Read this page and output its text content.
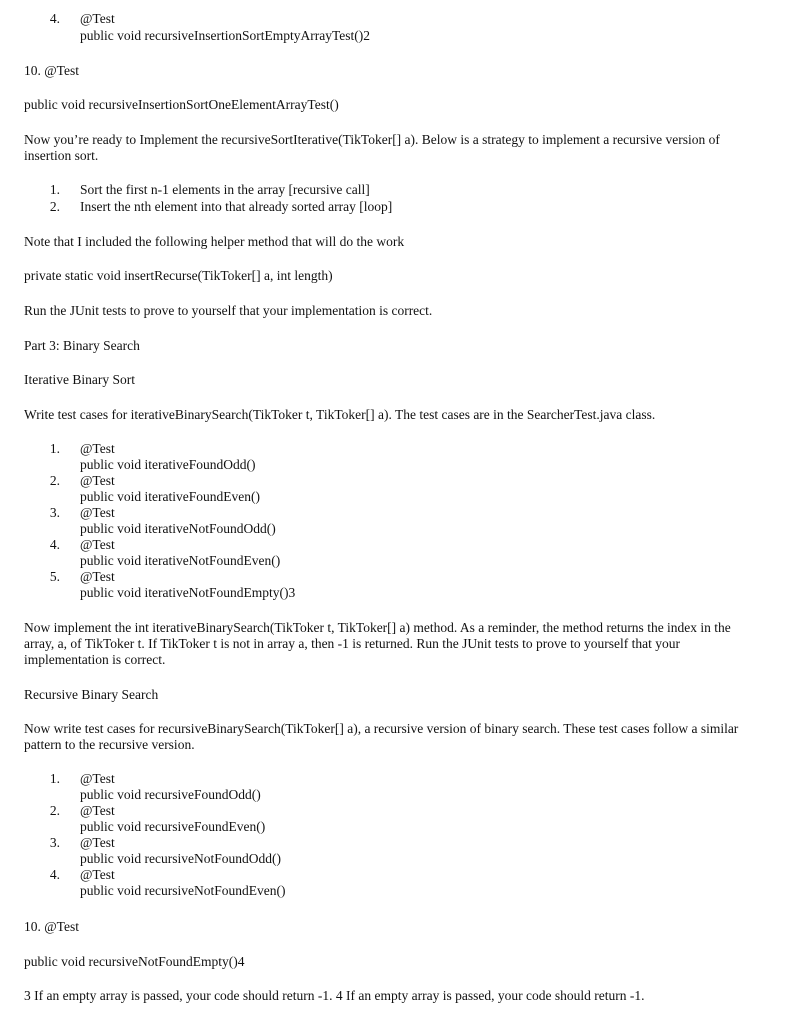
4. @Test
public void recursiveInsertionSortEmptyArrayTest()2
10. @Test
public void recursiveInsertionSortOneElementArrayTest()

Now you’re ready to Implement the recursiveSortIterative(TikToker[] a). Below is a strategy to implement a recursive version of insertion sort.

1. Sort the first n-1 elements in the array [recursive call]
2. Insert the nth element into that already sorted array [loop]
Note that I included the following helper method that will do the work
private static void insertRecurse(TikToker[] a, int length)
Run the JUnit tests to prove to yourself that your implementation is correct.
Part 3: Binary Search
Iterative Binary Sort
Write test cases for iterativeBinarySearch(TikToker t, TikToker[] a). The test cases are in the SearcherTest.java class.
1. @Test
public void iterativeFoundOdd()
2. @Test
public void iterativeFoundEven()
3. @Test
public void iterativeNotFoundOdd()
4. @Test
public void iterativeNotFoundEven()
5. @Test
public void iterativeNotFoundEmpty()3

Now implement the int iterativeBinarySearch(TikToker t, TikToker[] a) method. As a reminder, the method returns the index in the array, a, of TikToker t. If TikToker t is not in array a, then -1 is returned. Run the JUnit tests to prove to yourself that your implementation is correct.

Recursive Binary Search

Now write test cases for recursiveBinarySearch(TikToker[] a), a recursive version of binary search. These test cases follow a similar pattern to the recursive version.

1. @Test
public void recursiveFoundOdd()
2. @Test
public void recursiveFoundEven()
3. @Test
public void recursiveNotFoundOdd()
4. @Test
public void recursiveNotFoundEven()
10. @Test
public void recursiveNotFoundEmpty()4
3 If an empty array is passed, your code should return -1. 4 If an empty array is passed, your code should return -1.
